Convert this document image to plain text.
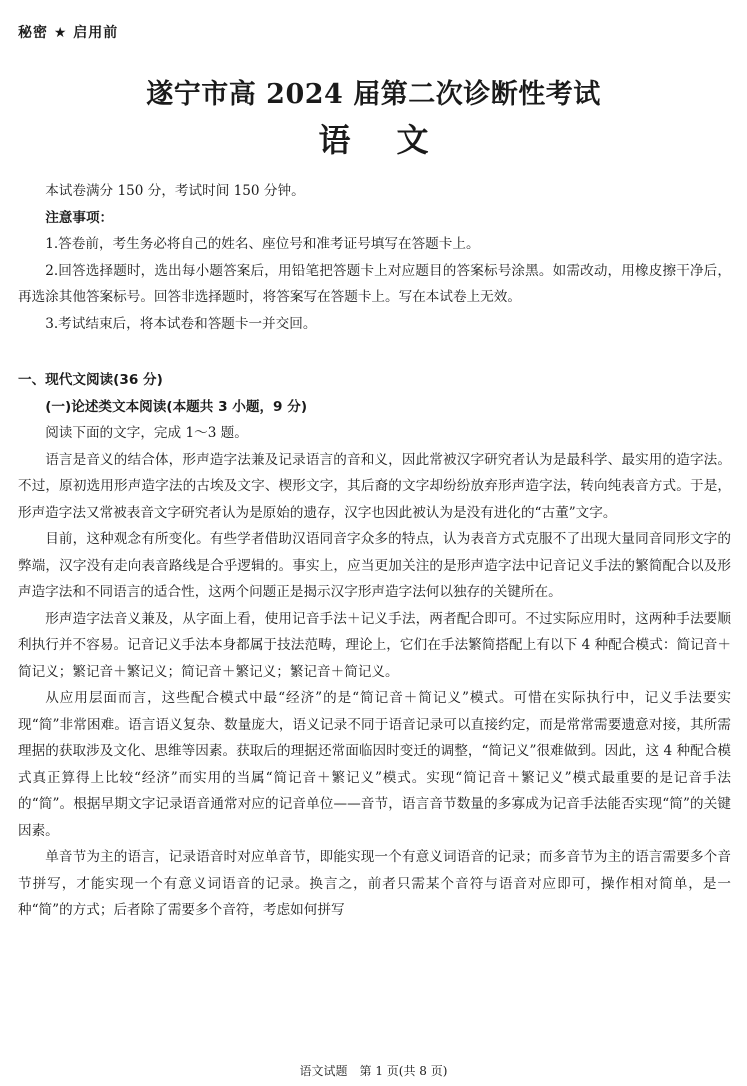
秘密 ★ 启用前
遂宁市高 2024 届第二次诊断性考试
语文

本试卷满分 150 分，考试时间 150 分钟。

注意事项：

1.答卷前，考生务必将自己的姓名、座位号和准考证号填写在答题卡上。

2.回答选择题时，选出每小题答案后，用铅笔把答题卡上对应题目的答案标号涂黑。如需改动，用橡皮擦干净后，再选涂其他答案标号。回答非选择题时，将答案写在答题卡上。写在本试卷上无效。

3.考试结束后，将本试卷和答题卡一并交回。

一、现代文阅读(36 分)

(一)论述类文本阅读(本题共 3 小题，9 分)

阅读下面的文字，完成 1～3 题。

语言是音义的结合体，形声造字法兼及记录语言的音和义，因此常被汉字研究者认为是最科学、最实用的造字法。不过，原初选用形声造字法的古埃及文字、楔形文字，其后裔的文字却纷纷放弃形声造字法，转向纯表音方式。于是，形声造字法又常被表音文字研究者认为是原始的遗存，汉字也因此被认为是没有进化的“古董”文字。

目前，这种观念有所变化。有些学者借助汉语同音字众多的特点，认为表音方式克服不了出现大量同音同形文字的弊端，汉字没有走向表音路线是合乎逻辑的。事实上，应当更加关注的是形声造字法中记音记义手法的繁简配合以及形声造字法和不同语言的适合性，这两个问题正是揭示汉字形声造字法何以独存的关键所在。

形声造字法音义兼及，从字面上看，使用记音手法＋记义手法，两者配合即可。不过实际应用时，这两种手法要顺利执行并不容易。记音记义手法本身都属于技法范畴，理论上，它们在手法繁简搭配上有以下 4 种配合模式：简记音＋简记义；繁记音＋繁记义；简记音＋繁记义；繁记音＋简记义。

从应用层面而言，这些配合模式中最“经济”的是“简记音＋简记义”模式。可惜在实际执行中，记义手法要实现“简”非常困难。语言语义复杂、数量庞大，语义记录不同于语音记录可以直接约定，而是常常需要遗意对接，其所需理据的获取涉及文化、思维等因素。获取后的理据还常面临因时变迁的调整，“简记义”很难做到。因此，这 4 种配合模式真正算得上比较“经济”而实用的当属“简记音＋繁记义”模式。实现“简记音＋繁记义”模式最重要的是记音手法的“简”。根据早期文字记录语音通常对应的记音单位——音节，语言音节数量的多寡成为记音手法能否实现“简”的关键因素。

单音节为主的语言，记录语音时对应单音节，即能实现一个有意义词语音的记录；而多音节为主的语言需要多个音节拼写，才能实现一个有意义词语音的记录。换言之，前者只需某个音符与语音对应即可，操作相对简单，是一种“简”的方式；后者除了需要多个音符，考虑如何拼写

语文试题　第 1 页(共 8 页)
